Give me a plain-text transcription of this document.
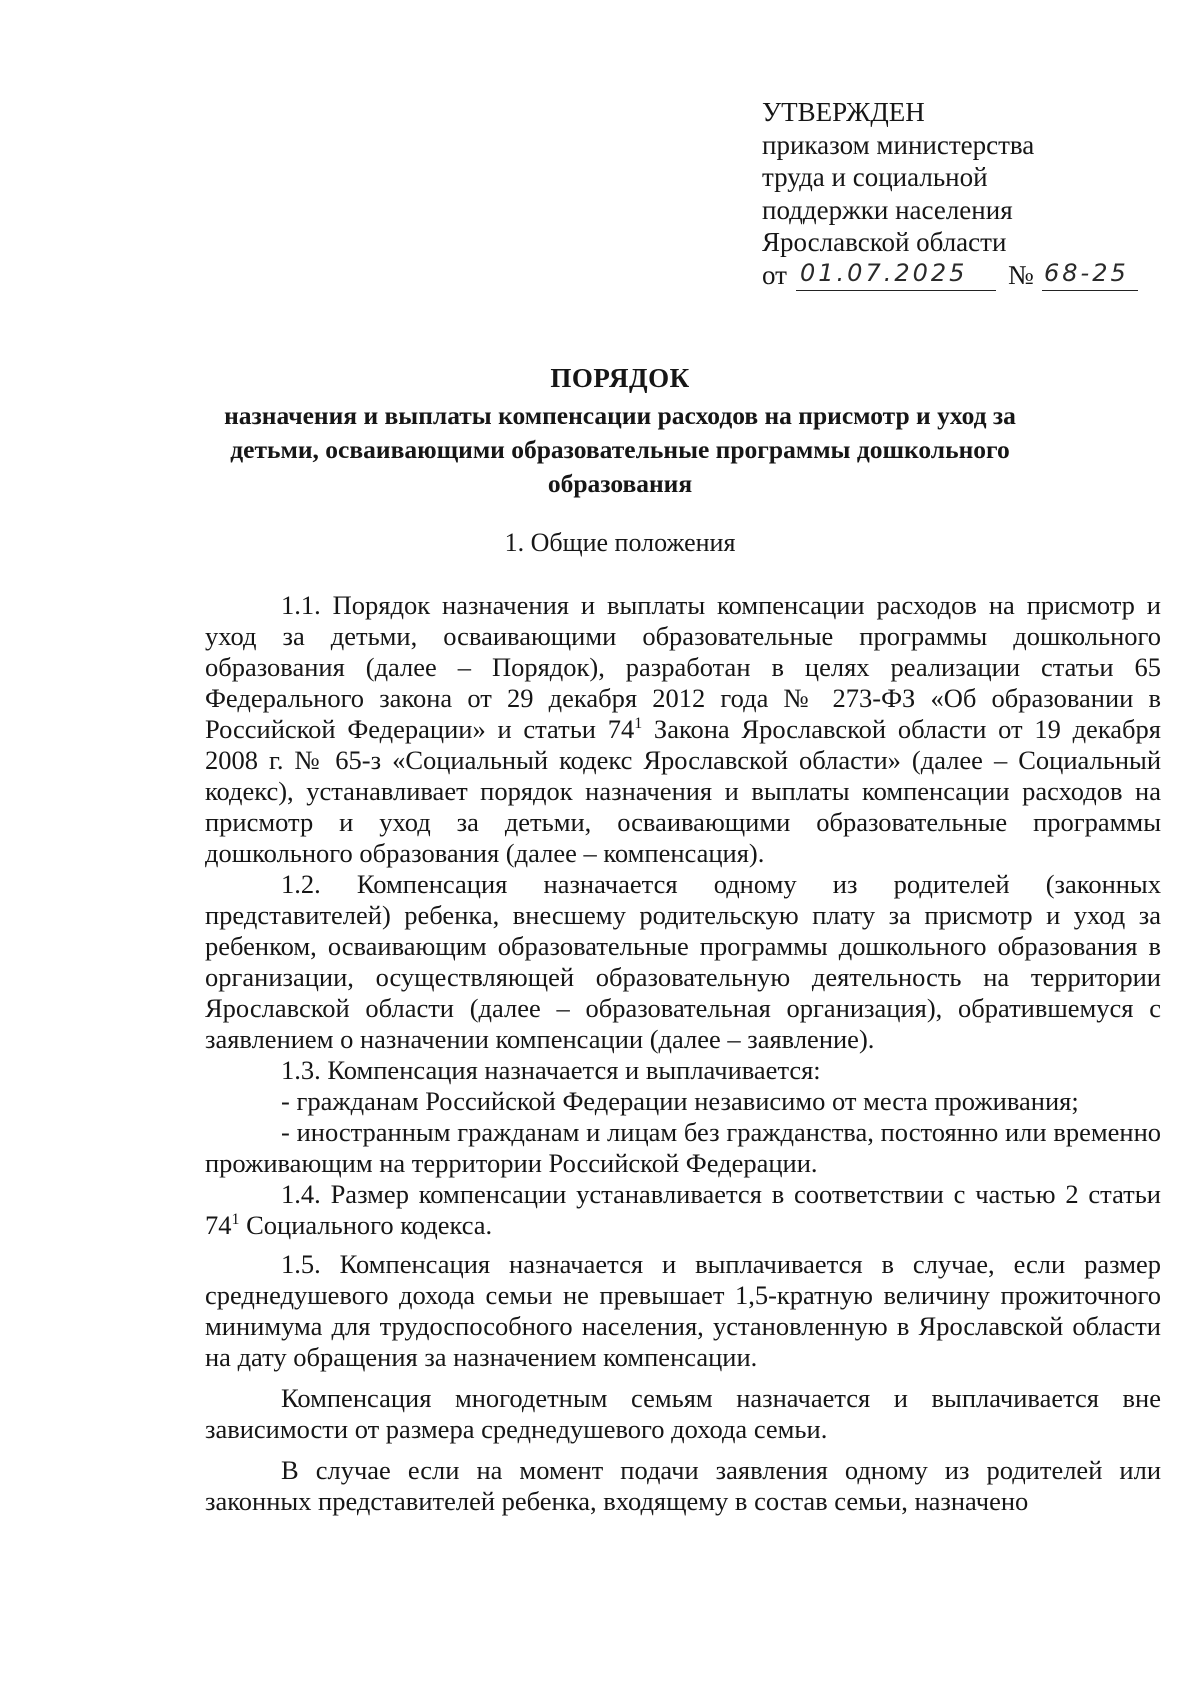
УТВЕРЖДЕН
приказом министерства
труда и социальной
поддержки населения
Ярославской области
от 01.07.2025 № 68-25
ПОРЯДОК
назначения и выплаты компенсации расходов на присмотр и уход за детьми, осваивающими образовательные программы дошкольного образования
1. Общие положения

1.1. Порядок назначения и выплаты компенсации расходов на присмотр и уход за детьми, осваивающими образовательные программы дошкольного образования (далее – Порядок), разработан в целях реализации статьи 65 Федерального закона от 29 декабря 2012 года № 273-ФЗ «Об образовании в Российской Федерации» и статьи $74^1$ Закона Ярославской области от 19 декабря 2008 г. № 65-з «Социальный кодекс Ярославской области» (далее – Социальный кодекс), устанавливает порядок назначения и выплаты компенсации расходов на присмотр и уход за детьми, осваивающими образовательные программы дошкольного образования (далее – компенсация).

1.2. Компенсация назначается одному из родителей (законных представителей) ребенка, внесшему родительскую плату за присмотр и уход за ребенком, осваивающим образовательные программы дошкольного образования в организации, осуществляющей образовательную деятельность на территории Ярославской области (далее – образовательная организация), обратившемуся с заявлением о назначении компенсации (далее – заявление).

1.3. Компенсация назначается и выплачивается:

- гражданам Российской Федерации независимо от места проживания;

- иностранным гражданам и лицам без гражданства, постоянно или временно проживающим на территории Российской Федерации.

1.4. Размер компенсации устанавливается в соответствии с частью 2 статьи $74^1$ Социального кодекса.

1.5. Компенсация назначается и выплачивается в случае, если размер среднедушевого дохода семьи не превышает 1,5-кратную величину прожиточного минимума для трудоспособного населения, установленную в Ярославской области на дату обращения за назначением компенсации.

Компенсация многодетным семьям назначается и выплачивается вне зависимости от размера среднедушевого дохода семьи.

В случае если на момент подачи заявления одному из родителей или законных представителей ребенка, входящему в состав семьи, назначено
